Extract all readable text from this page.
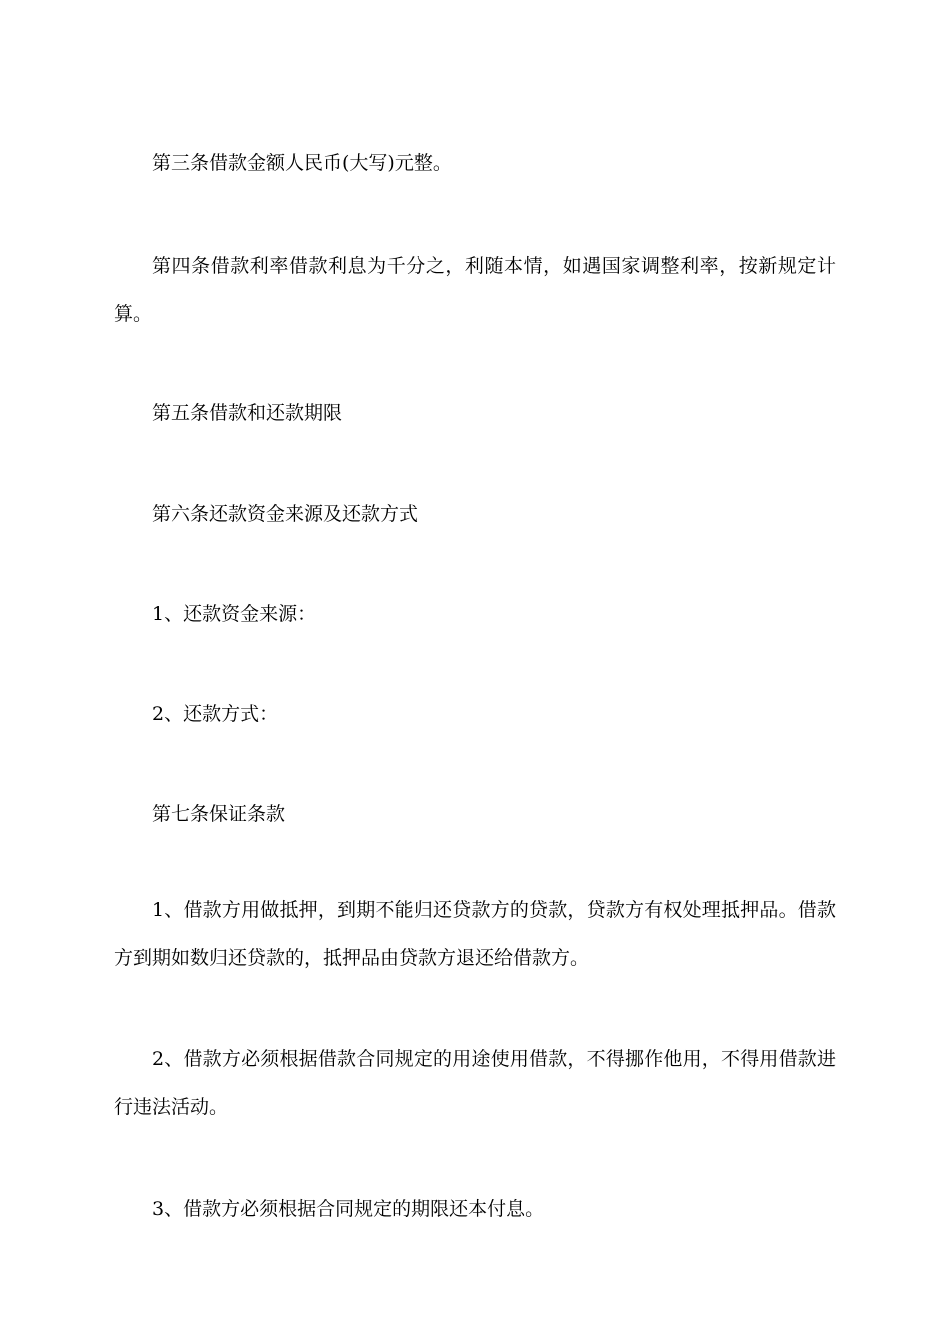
第三条借款金额人民币(大写)元整。

第四条借款利率借款利息为千分之，利随本情，如遇国家调整利率，按新规定计算。

第五条借款和还款期限

第六条还款资金来源及还款方式

1、还款资金来源：

2、还款方式：

第七条保证条款

1、借款方用做抵押，到期不能归还贷款方的贷款，贷款方有权处理抵押品。借款方到期如数归还贷款的，抵押品由贷款方退还给借款方。

2、借款方必须根据借款合同规定的用途使用借款，不得挪作他用，不得用借款进行违法活动。

3、借款方必须根据合同规定的期限还本付息。
